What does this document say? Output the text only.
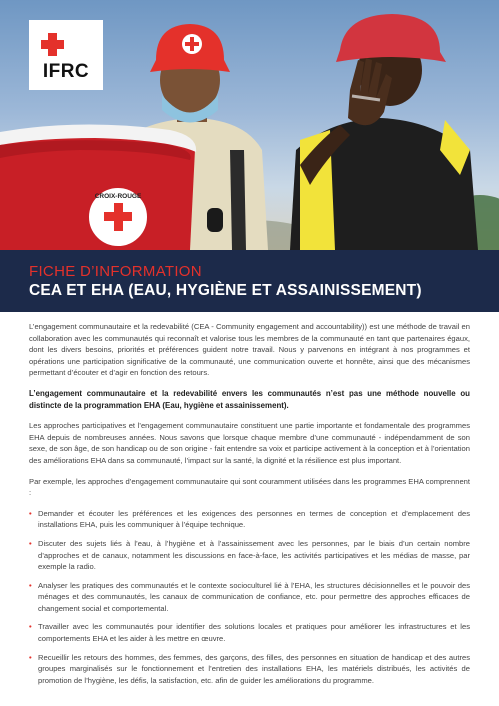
CROIX-ROUGE
IFRC
FICHE D’INFORMATION
CEA ET EHA (EAU, HYGIÈNE ET ASSAINISSEMENT)

L’engagement communautaire et la redevabilité (CEA - Community engagement and accountability)) est une méthode de travail en collaboration avec les communautés qui reconnaît et valorise tous les membres de la communauté en tant que partenaires égaux, dont les divers besoins, priorités et préférences guident notre travail. Nous y parvenons en intégrant à nos programmes et opérations une participation significative de la communauté, une communication ouverte et honnête, ainsi que des mécanismes permettant d’écouter et d’agir en fonction des retours.

L’engagement communautaire et la redevabilité envers les communautés n’est pas une méthode nouvelle ou distincte de la programmation EHA (Eau, hygiène et assainissement).

Les approches participatives et l’engagement communautaire constituent une partie importante et fondamentale des programmes EHA depuis de nombreuses années. Nous savons que lorsque chaque membre d’une communauté - indépendamment de son sexe, de son âge, de son handicap ou de son origine - fait entendre sa voix et participe activement à la conception et à l’orientation des améliorations EHA dans sa communauté, l’impact sur la santé, la dignité et la résilience est plus important.

Par exemple, les approches d’engagement communautaire qui sont couramment utilisées dans les programmes EHA comprennent :

• Demander et écouter les préférences et les exigences des personnes en termes de conception et d’emplacement des installations EHA, puis les communiquer à l’équipe technique.
• Discuter des sujets liés à l’eau, à l’hygiène et à l’assainissement avec les personnes, par le biais d’un certain nombre d’approches et de canaux, notamment les discussions en face-à-face, les activités participatives et les médias de masse, par exemple la radio.
• Analyser les pratiques des communautés et le contexte socioculturel lié à l’EHA, les structures décisionnelles et le pouvoir des ménages et des communautés, les canaux de communication de confiance, etc. pour permettre des approches efficaces de changement social et comportemental.
• Travailler avec les communautés pour identifier des solutions locales et pratiques pour améliorer les infrastructures et les comportements EHA et les aider à les mettre en œuvre.
• Recueillir les retours des hommes, des femmes, des garçons, des filles, des personnes en situation de handicap et des autres groupes marginalisés sur le fonctionnement et l’entretien des installations EHA, les matériels distribués, les activités de promotion de l’hygiène, les défis, la satisfaction, etc. afin de guider les améliorations du programme.
